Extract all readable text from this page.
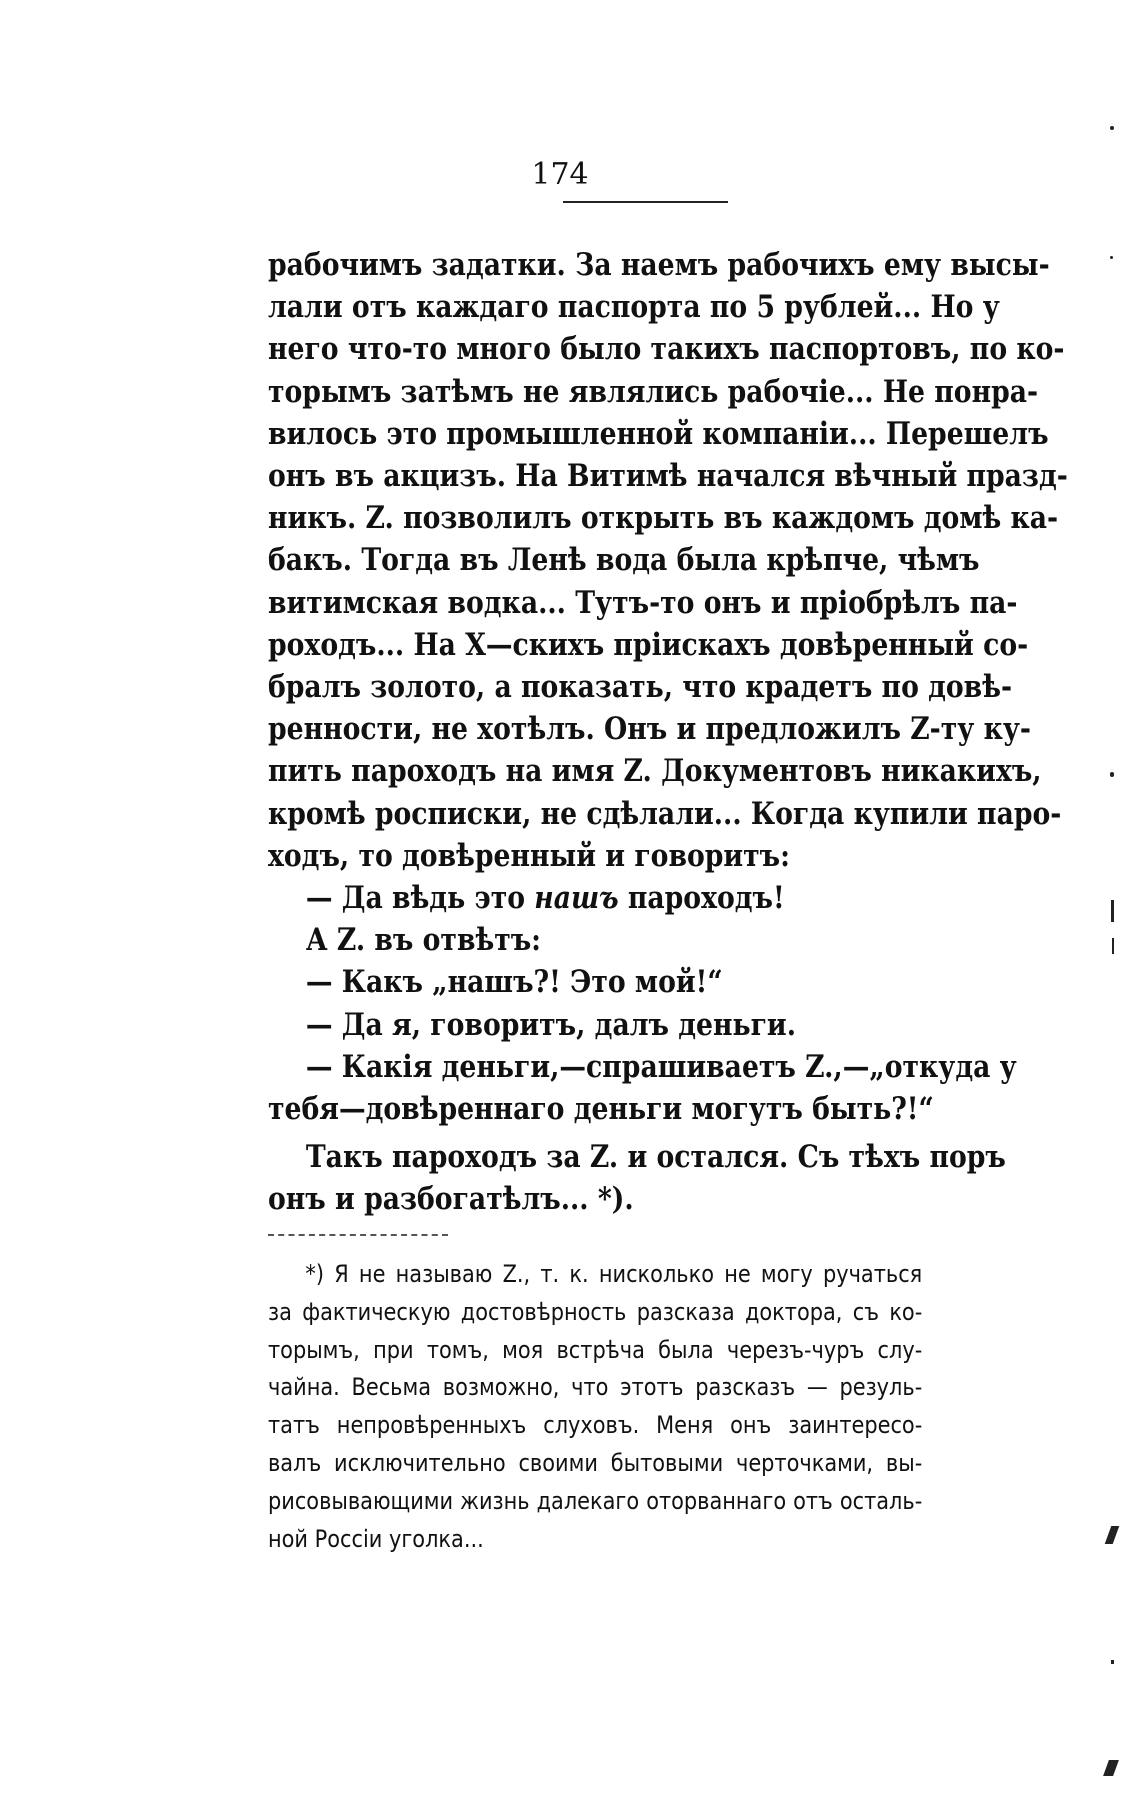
174
рабочимъ задатки. За наемъ рабочихъ ему высы-
лали отъ каждаго паспорта по 5 рублей... Но у
него что-то много было такихъ паспортовъ, по ко-
торымъ затѣмъ не являлись рабочіе... Не понра-
вилось это промышленной компаніи... Перешелъ
онъ въ акцизъ. На Витимѣ начался вѣчный празд-
никъ. Z. позволилъ открыть въ каждомъ домѣ ка-
бакъ. Тогда въ Ленѣ вода была крѣпче, чѣмъ
витимская водка... Тутъ-то онъ и пріобрѣлъ па-
роходъ... На X—скихъ пріискахъ довѣренный со-
бралъ золото, а показать, что крадетъ по довѣ-
ренности, не хотѣлъ. Онъ и предложилъ Z-ту ку-
пить пароходъ на имя Z. Документовъ никакихъ,
кромѣ росписки, не сдѣлали... Когда купили паро-
ходъ, то довѣренный и говоритъ:
— Да вѣдь это нашъ пароходъ!
А Z. въ отвѣтъ:
— Какъ „нашъ?! Это мой!“
— Да я, говоритъ, далъ деньги.
— Какія деньги,—спрашиваетъ Z.,—„откуда у
тебя—довѣреннаго деньги могутъ быть?!“
Такъ пароходъ за Z. и остался. Съ тѣхъ поръ
онъ и разбогатѣлъ... *).
*) Я не называю Z., т. к. нисколько не могу ручаться
за фактическую достовѣрность разсказа доктора, съ ко-
торымъ, при томъ, моя встрѣча была черезъ-чуръ слу-
чайна. Весьма возможно, что этотъ разсказъ — резуль-
татъ непровѣренныхъ слуховъ. Меня онъ заинтересо-
валъ исключительно своими бытовыми черточками, вы-
рисовывающими жизнь далекаго оторваннаго отъ осталь-
ной Россіи уголка...
